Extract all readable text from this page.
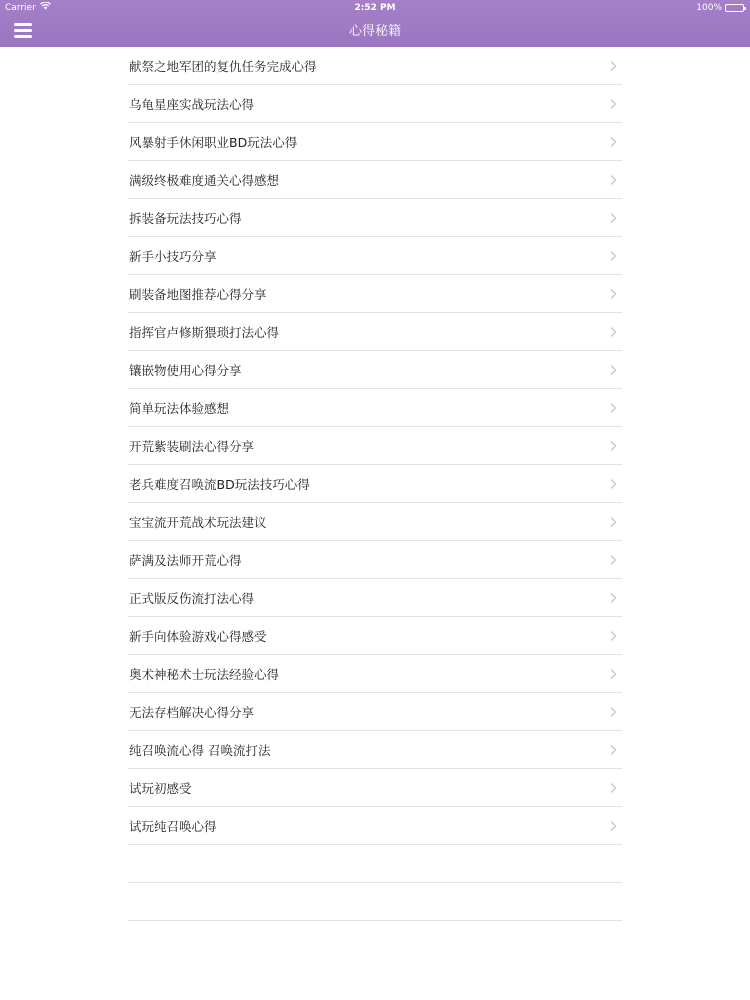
Carrier	2:52 PM	100%
心得秘籍
献祭之地军团的复仇任务完成心得
乌龟星座实战玩法心得
风暴射手休闲职业BD玩法心得
满级终极难度通关心得感想
拆装备玩法技巧心得
新手小技巧分享
刷装备地图推荐心得分享
指挥官卢修斯猥琐打法心得
镶嵌物使用心得分享
简单玩法体验感想
开荒紫装刷法心得分享
老兵难度召唤流BD玩法技巧心得
宝宝流开荒战术玩法建议
萨满及法师开荒心得
正式版反伤流打法心得
新手向体验游戏心得感受
奥术神秘术士玩法经验心得
无法存档解决心得分享
纯召唤流心得 召唤流打法
试玩初感受
试玩纯召唤心得
